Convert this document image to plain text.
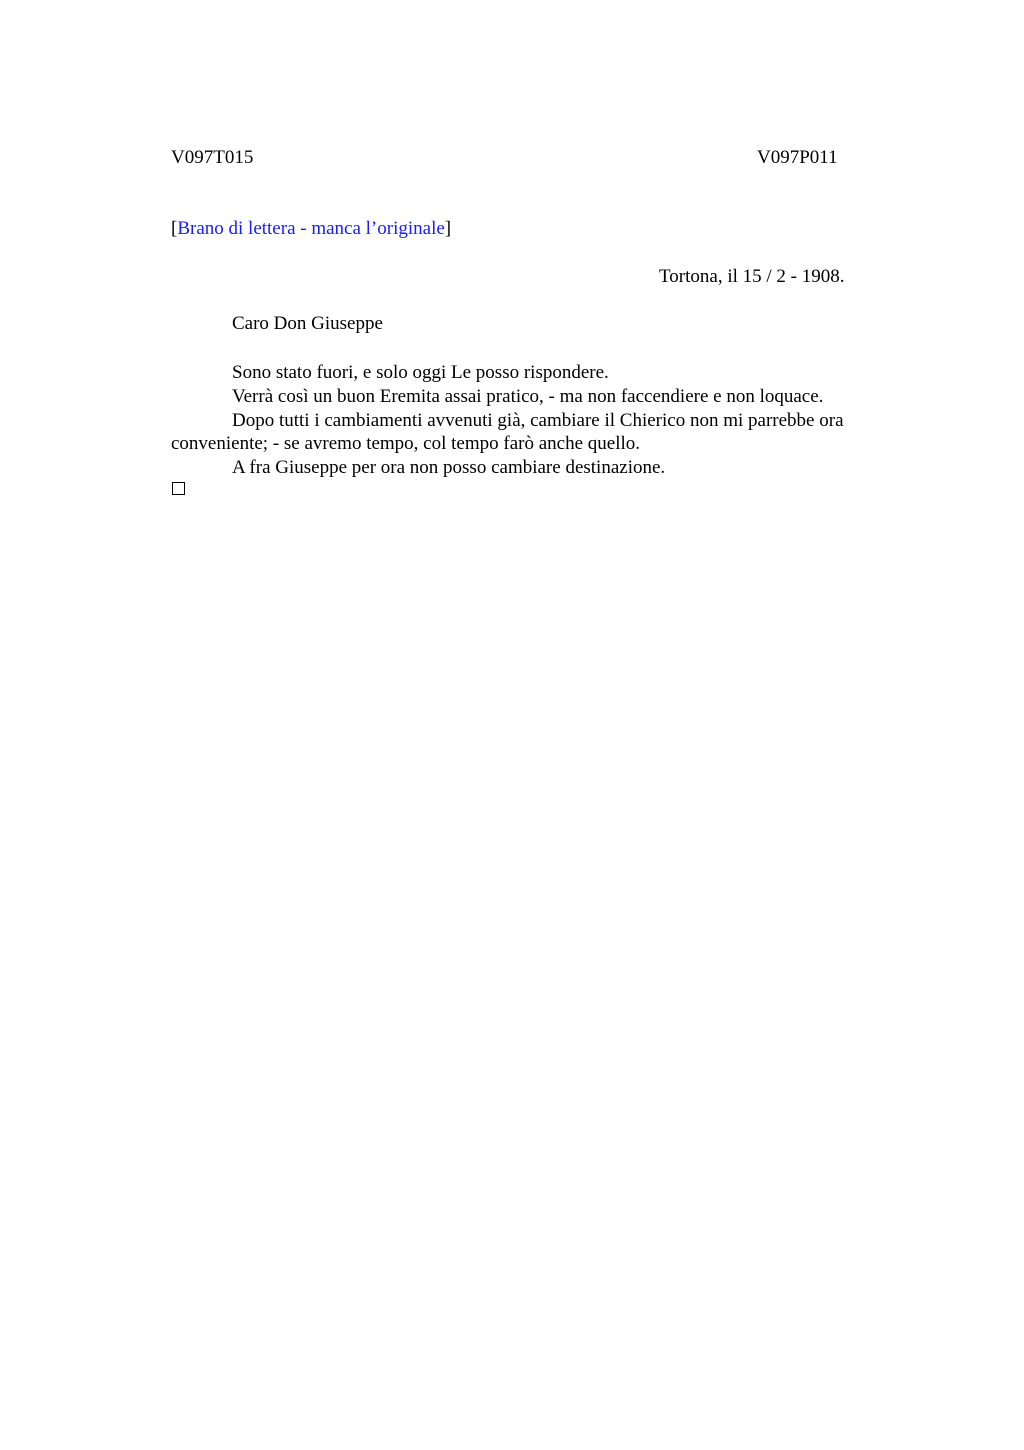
V097T015	V097P011
[Brano di lettera - manca l’originale]
Tortona, il 15 / 2 - 1908.
Caro Don Giuseppe

Sono stato fuori, e solo oggi Le posso rispondere.

Verrà così un buon Eremita assai pratico, - ma non faccendiere e non loquace.

Dopo tutti i cambiamenti avvenuti già, cambiare il Chierico non mi parrebbe ora conveniente; - se avremo tempo, col tempo farò anche quello.

A fra Giuseppe per ora non posso cambiare destinazione.
